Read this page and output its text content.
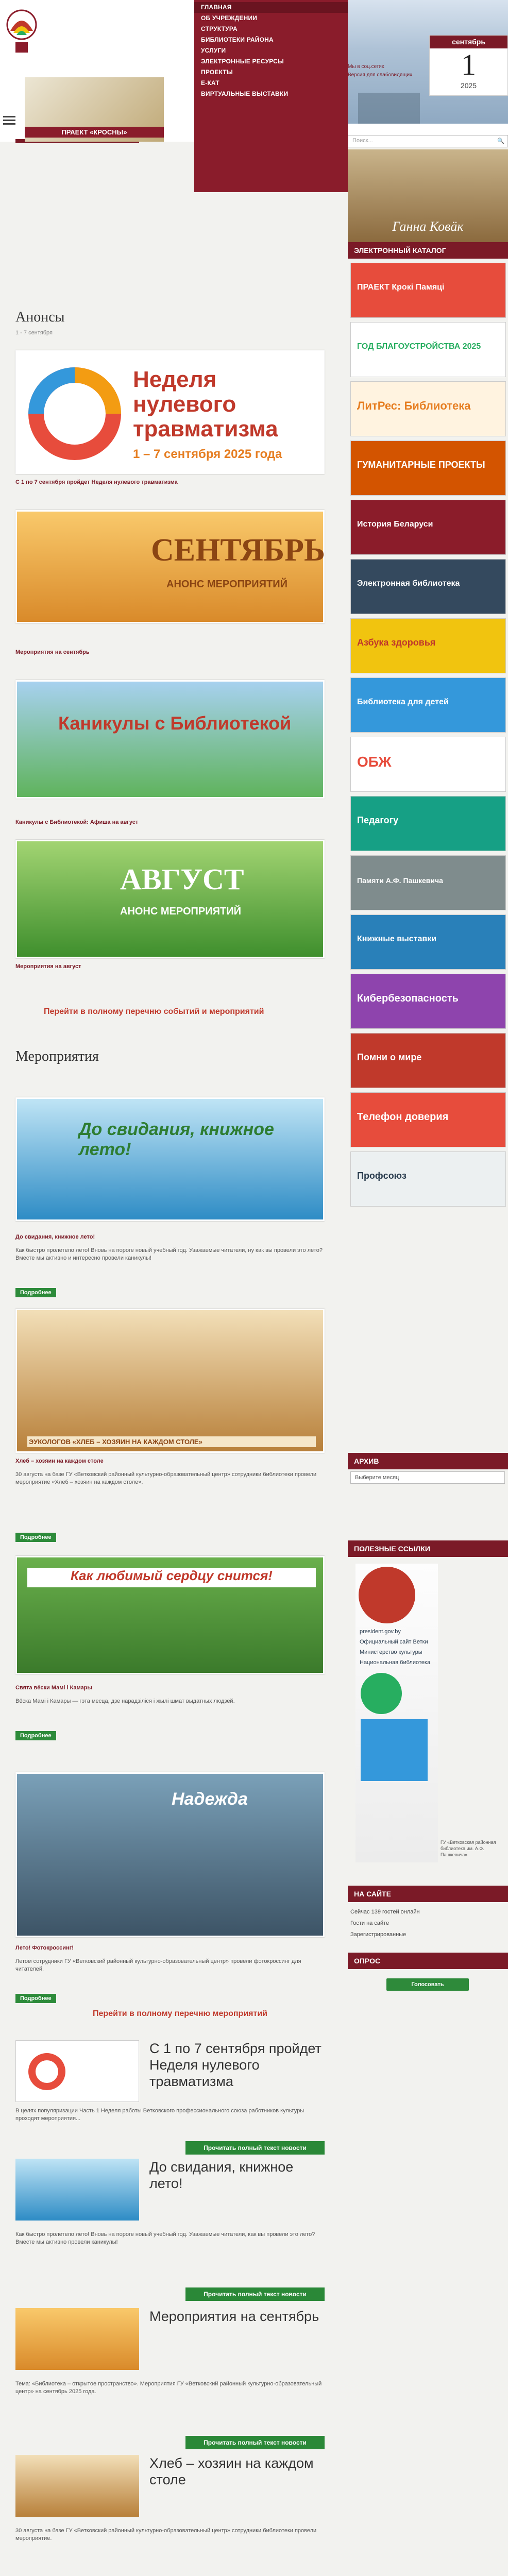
ПРАЕКТ «КРОСНЫ»
ГЛАВНАЯ
ОБ УЧРЕЖДЕНИИ
СТРУКТУРА
БИБЛИОТЕКИ РАЙОНА
УСЛУГИ
ЭЛЕКТРОННЫЕ РЕСУРСЫ
ПРОЕКТЫ
Е-КАТ
ВИРТУАЛЬНЫЕ ВЫСТАВКИ
сентябрь
1
2025
Мы в соц.сетях
Версия для слабовидящих
Поиск...	🔍
Ганна Ковäк
ЭЛЕКТРОННЫЙ КАТАЛОГ
ПРАЕКТ Крокі Памяці
ГОД БЛАГОУСТРОЙСТВА 2025
ЛитРес: Библиотека
ГУМАНИТАРНЫЕ ПРОЕКТЫ
История Беларуси
Электронная библиотека
Азбука здоровья
Библиотека для детей
ОБЖ
Педагогу
Памяти А.Ф. Пашкевича
Книжные выставки
Кибербезопасность
Помни о мире
Телефон доверия
Профсоюз
АРХИВ
Выберите месяц
ПОЛЕЗНЫЕ ССЫЛКИ
president.gov.by
Официальный сайт Ветки
Министерство культуры
Национальная библиотека
ГУ «Ветковская районная библиотека им. А.Ф. Пашкевича»
НА САЙТЕ
Сейчас 139 гостей онлайн
Гости на сайте
Зарегистрированные
ОПРОС
Голосовать
Анонсы
1 - 7 сентября
Неделя
нулевого
травматизма
1 – 7 сентября 2025 года
С 1 по 7 сентября пройдет Неделя нулевого травматизма
СЕНТЯБРЬ
АНОНС МЕРОПРИЯТИЙ
Мероприятия на сентябрь
Каникулы с Библиотекой
Каникулы с Библиотекой: Афиша на август
АВГУСТ
АНОНС МЕРОПРИЯТИЙ
Мероприятия на август
Перейти в полному перечню событий и мероприятий
Мероприятия
До свидания, книжное лето!
До свидания, книжное лето!
Как быстро пролетело лето! Вновь на пороге новый учебный год. Уважаемые читатели, ну как вы провели это лето? Вместе мы активно и интересно провели каникулы!
Подробнее
ЭУКОЛОГОВ «ХЛЕБ – ХОЗЯИН НА КАЖДОМ СТОЛЕ»
Хлеб – хозяин на каждом столе
30 августа на базе ГУ «Ветковский районный культурно-образовательный центр» сотрудники библиотеки провели мероприятие «Хлеб – хозяин на каждом столе».
Подробнее
Как любимый сердцу снится!
Свята вёски Мамі і Камары
Вёска Мамі і Камары — гэта месца, дзе нарадзіліся і жылі шмат выдатных людзей.
Подробнее
Надежда
Лето! Фотокроссинг!
Летом сотрудники ГУ «Ветковский районный культурно-образовательный центр» провели фотокроссинг для читателей.
Подробнее
Перейти в полному перечню мероприятий
С 1 по 7 сентября пройдет Неделя нулевого травматизма
В целях популяризации Часть 1 Неделя работы Ветковского профессионального союза работников культуры проходят мероприятия...
Прочитать полный текст новости
До свидания, книжное лето!
Как быстро пролетело лето! Вновь на пороге новый учебный год. Уважаемые читатели, как вы провели это лето? Вместе мы активно провели каникулы!
Прочитать полный текст новости
Мероприятия на сентябрь
Тема: «Библиотека – открытое пространство». Мероприятия ГУ «Ветковский районный культурно-образовательный центр» на сентябрь 2025 года.
Прочитать полный текст новости
Хлеб – хозяин на каждом столе
30 августа на базе ГУ «Ветковский районный культурно-образовательный центр» сотрудники библиотеки провели мероприятие.
